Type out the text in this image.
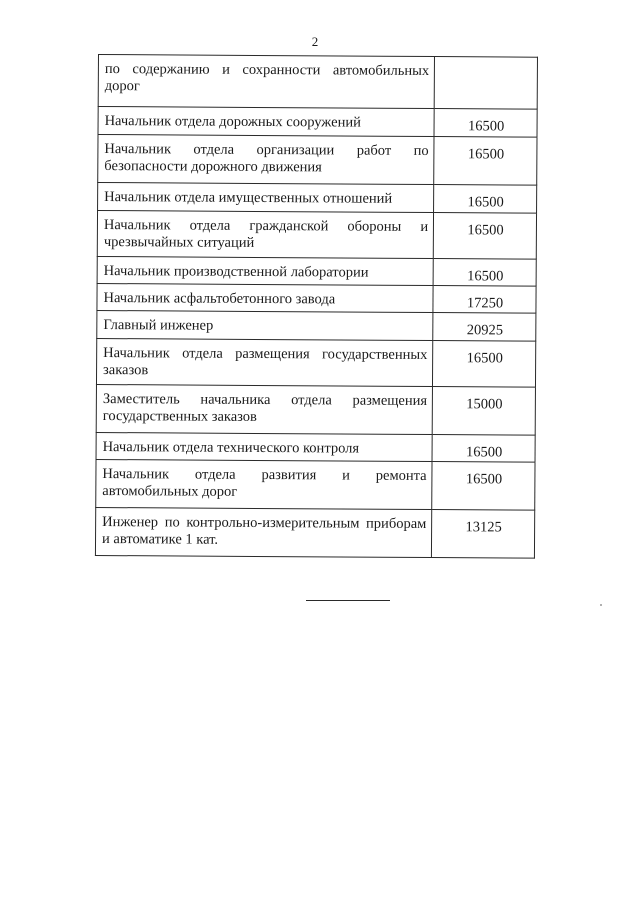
2
по содержанию и сохранности автомобильных дорог	
Начальник отдела дорожных сооружений	16500
Начальник отдела организации работ по безопасности дорожного движения	16500
Начальник отдела имущественных отношений	16500
Начальник отдела гражданской обороны и чрезвычайных ситуаций	16500
Начальник производственной лаборатории	16500
Начальник асфальтобетонного завода	17250
Главный инженер	20925
Начальник отдела размещения государственных заказов	16500
Заместитель начальника отдела размещения государственных заказов	15000
Начальник отдела технического контроля	16500
Начальник отдела развития и ремонта автомобильных дорог	16500
Инженер по контрольно-измерительным приборам и автоматике 1 кат.	13125
